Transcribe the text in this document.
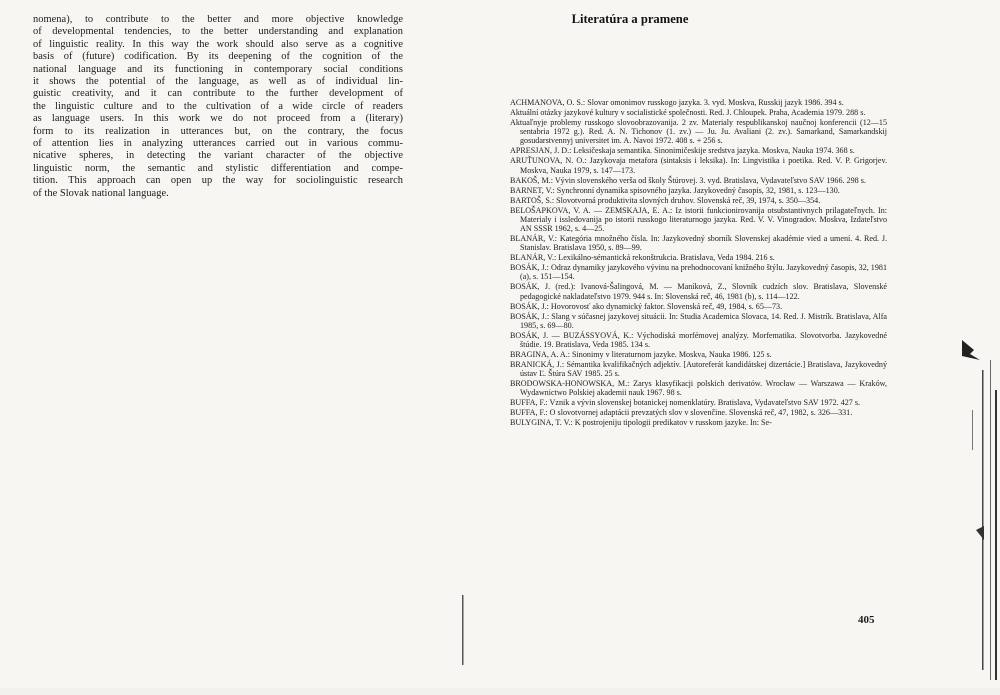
nomena), to contribute to the better and more objective knowledge

of developmental tendencies, to the better understanding and explanation

of linguistic reality. In this way the work should also serve as a cognitive

basis of (future) codification. By its deepening of the cognition of the

national language and its functioning in contemporary social conditions

it shows the potential of the language, as well as of individual lin-

guistic creativity, and it can contribute to the further development of

the linguistic culture and to the cultivation of a wide circle of readers

as language users. In this work we do not proceed from a (literary)

form to its realization in utterances but, on the contrary, the focus

of attention lies in analyzing utterances carried out in various commu-

nicative spheres, in detecting the variant character of the objective

linguistic norm, the semantic and stylistic differentiation and compe-

tition. This approach can open up the way for sociolinguistic research

of the Slovak national language.

Literatúra a pramene
ACHMANOVA, O. S.: Slovar omonimov russkogo jazyka. 3. vyd. Moskva, Russkij jazyk 1986. 394 s.
Aktuální otázky jazykové kultury v socialistické společnosti. Red. J. Chloupek. Praha, Academia 1979. 288 s.
Aktuaľnyje problemy russkogo slovoobrazovanija. 2 zv. Materialy respublikanskoj naučnoj konferencii (12—15 sentabria 1972 g.). Red. A. N. Tichonov (1. zv.) — Ju. Ju. Avaliani (2. zv.). Samarkand, Samarkandskij gosudarstvennyj universitet im. A. Navoi 1972. 408 s. + 256 s.
APRESJAN, J. D.: Leksičeskaja semantika. Sinonimičeskije sredstva jazyka. Moskva, Nauka 1974. 368 s.
ARUŤUNOVA, N. O.: Jazykovaja metafora (sintaksis i leksika). In: Lingvistika i poetika. Red. V. P. Grigorjev. Moskva, Nauka 1979, s. 147—173.
BAKOŠ, M.: Vývin slovenského verša od školy Štúrovej. 3. vyd. Bratislava, Vydavateľstvo SAV 1966. 298 s.
BARNET, V.: Synchronní dynamika spisovného jazyka. Jazykovedný časopis, 32, 1981, s. 123—130.
BARTOŠ, S.: Slovotvorná produktivita slovných druhov. Slovenská reč, 39, 1974, s. 350—354.
BELOŠAPKOVA, V. A. — ZEMSKAJA, E. A.: Iz istorii funkcionirovanija otsubstantivnych prilagateľnych. In: Materialy i issledovanija po istorii russkogo literaturnogo jazyka. Red. V. V. Vinogradov. Moskva, Izdateľstvo AN SSSR 1962, s. 4—25.
BLANÁR, V.: Kategória množného čísla. In: Jazykovedný sborník Slovenskej akadémie vied a umení. 4. Red. J. Stanislav. Bratislava 1950, s. 89—99.
BLANÁR, V.: Lexikálno-sémantická rekonštrukcia. Bratislava, Veda 1984. 216 s.
BOSÁK, J.: Odraz dynamiky jazykového vývinu na prehodnocovaní knižného štýlu. Jazykovedný časopis, 32, 1981 (a), s. 151—154.
BOSÁK, J. (red.): Ivanová-Šalingová, M. — Maníková, Z., Slovník cudzích slov. Bratislava, Slovenské pedagogické nakladateľstvo 1979. 944 s. In: Slovenská reč, 46, 1981 (b), s. 114—122.
BOSÁK, J.: Hovorovosť ako dynamický faktor. Slovenská reč, 49, 1984, s. 65—73.
BOSÁK, J.: Slang v súčasnej jazykovej situácii. In: Studia Academica Slovaca, 14. Red. J. Mistrík. Bratislava, Alfa 1985, s. 69—80.
BOSÁK, J. — BUZÁSSYOVÁ, K.: Východiská morfémovej analýzy. Morfematika. Slovotvorba. Jazykovedné štúdie. 19. Bratislava, Veda 1985. 134 s.
BRAGINA, A. A.: Sinonimy v literaturnom jazyke. Moskva, Nauka 1986. 125 s.
BRANICKÁ, J.: Sémantika kvalifikačných adjektív. [Autoreferát kandidátskej dizertácie.] Bratislava, Jazykovedný ústav Ľ. Štúra SAV 1985. 25 s.
BRODOWSKA-HONOWSKA, M.: Zarys klasyfikacji polskich derivatów. Wrocław — Warszawa — Kraków, Wydawnictwo Polskiej akademii nauk 1967. 98 s.
BUFFA, F.: Vznik a vývin slovenskej botanickej nomenklatúry. Bratislava, Vydavateľstvo SAV 1972. 427 s.
BUFFA, F.: O slovotvornej adaptácii prevzatých slov v slovenčine. Slovenská reč, 47, 1982, s. 326—331.
BULYGINA, T. V.: K postrojeniju tipologii predikatov v russkom jazyke. In: Se-
405
